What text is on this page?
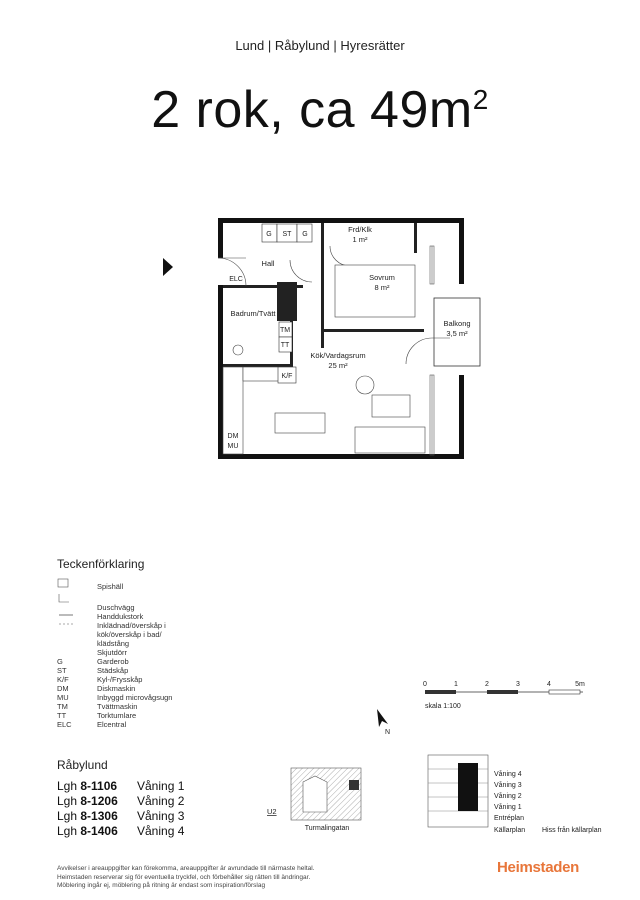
Lund | Råbylund | Hyresrätter
2 rok, ca $49m^2$
G ST G
Hall
Frd/Klk
1 m²
Sovrum
8 m²
Badrum/Tvätt
ELC
TM
TT
Balkong
3,5 m²
Kök/Vardagsrum
25 m²
K/F
DM
MU
Teckenförklaring
Spishäll
Duschvägg
Handdukstork
Inklädnad/överskåp i
kök/överskåp i bad/
klädstång
Skjutdörr
G	Garderob
ST	Städskåp
K/F	Kyl-/Frysskåp
DM	Diskmaskin
MU	Inbyggd microvågsugn
TM	Tvättmaskin
TT	Torktumlare
ELC	Elcentral
0	1	2	3	4	5m
skala 1:100
N
Råbylund
Lgh 8-1106 Våning 1
Lgh 8-1206 Våning 2
Lgh 8-1306 Våning 3
Lgh 8-1406 Våning 4
U2
Turmalingatan
Våning 4
Våning 3
Våning 2
Våning 1
Entréplan
Källarplan Hiss från källarplan
Avvikelser i areauppgifter kan förekomma, areauppgifter är avrundade till närmaste heltal.
Heimstaden reserverar sig för eventuella tryckfel, och förbehåller sig rätten till ändringar.
Möblering ingår ej, möblering på ritning är endast som inspiration/förslag
Heimstaden
